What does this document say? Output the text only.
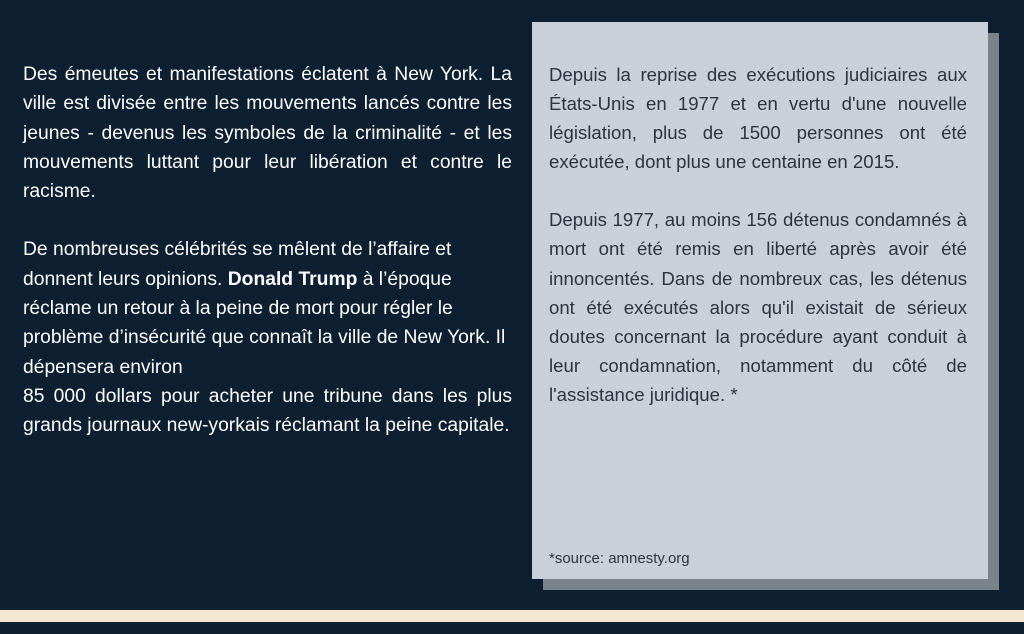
Des émeutes et manifestations éclatent à New York. La ville est divisée entre les mouvements lancés contre les jeunes - devenus les symboles de la criminalité - et les mouvements luttant pour leur libération et contre le racisme.

De nombreuses célébrités se mêlent de l’affaire et donnent leurs opinions. Donald Trump à l’époque réclame un retour à la peine de mort pour régler le problème d’insécurité que connaît la ville de New York. Il dépensera environ

85 000 dollars pour acheter une tribune dans les plus grands journaux new-yorkais réclamant la peine capitale.

Depuis la reprise des exécutions judiciaires aux États-Unis en 1977 et en vertu d'une nouvelle législation, plus de 1500 personnes ont été exécutée, dont plus une centaine en 2015.

Depuis 1977, au moins 156 détenus condamnés à mort ont été remis en liberté après avoir été innoncentés. Dans de nombreux cas, les détenus ont été exécutés alors qu'il existait de sérieux doutes concernant la procédure ayant conduit à leur condamnation, notamment du côté de l'assistance juridique. *

*source: amnesty.org
